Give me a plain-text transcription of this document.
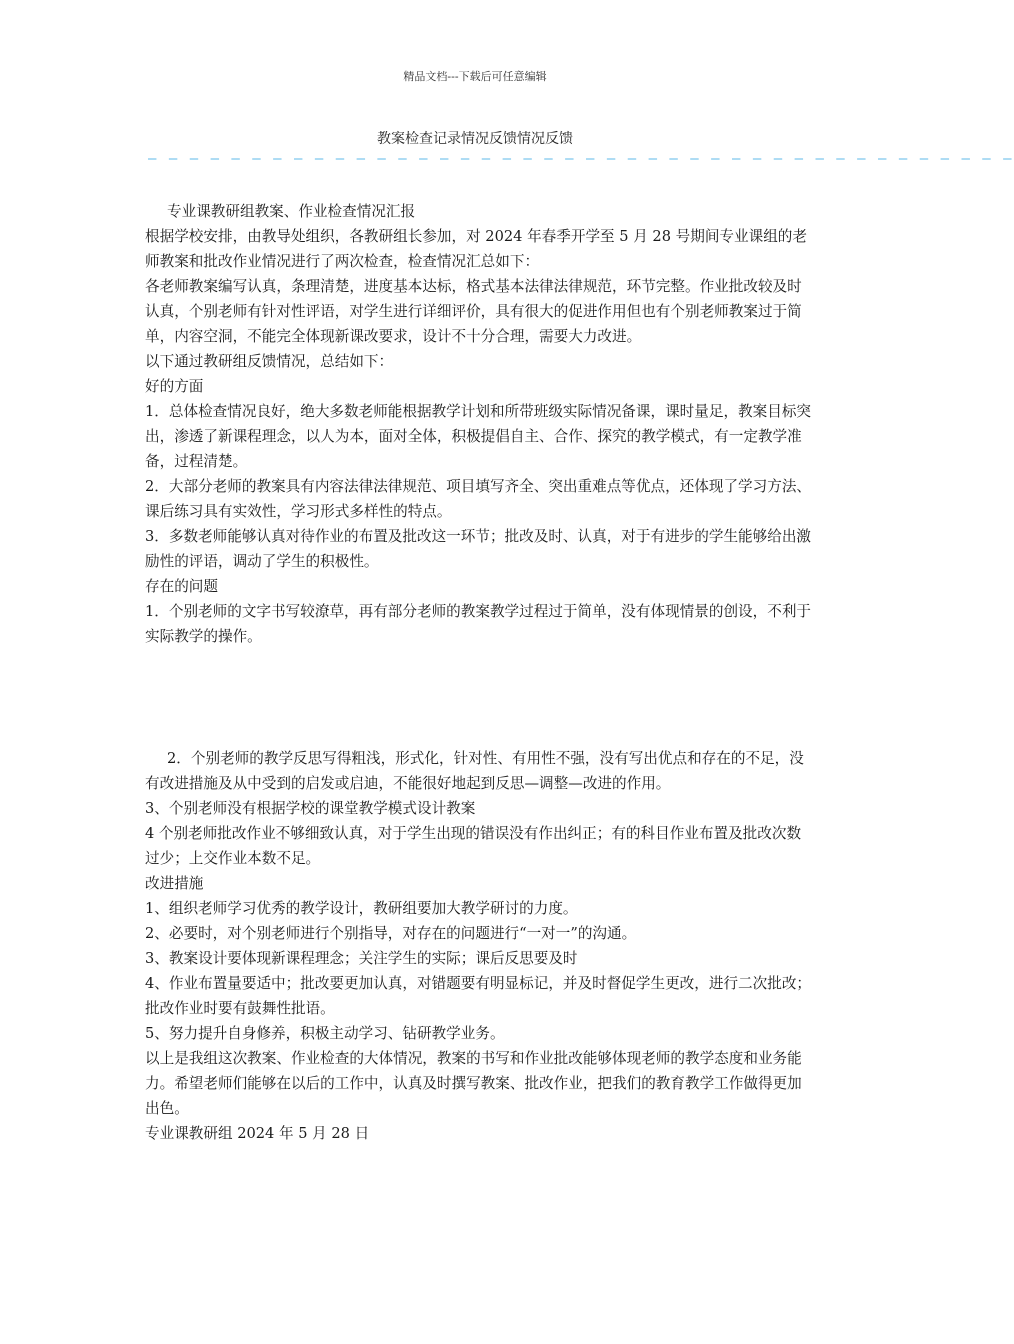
精品文档---下载后可任意编辑
教案检查记录情况反馈情况反馈
— — — — — — — — — — — — — — — — — — — — — — — — — — — — — — — — — — — — — — — — — —

专业课教研组教案、作业检查情况汇报

根据学校安排，由教导处组织，各教研组长参加，对 2024 年春季开学至 5 月 28 号期间专业课组的老师教案和批改作业情况进行了两次检查，检查情况汇总如下：

各老师教案编写认真，条理清楚，进度基本达标，格式基本法律法律规范，环节完整。作业批改较及时认真，个别老师有针对性评语，对学生进行详细评价，具有很大的促进作用但也有个别老师教案过于简单，内容空洞，不能完全体现新课改要求，设计不十分合理，需要大力改进。

以下通过教研组反馈情况，总结如下：

好的方面

1．总体检查情况良好，绝大多数老师能根据教学计划和所带班级实际情况备课，课时量足，教案目标突出，渗透了新课程理念，以人为本，面对全体，积极提倡自主、合作、探究的教学模式，有一定教学准备，过程清楚。

2．大部分老师的教案具有内容法律法律规范、项目填写齐全、突出重难点等优点，还体现了学习方法、课后练习具有实效性，学习形式多样性的特点。

3．多数老师能够认真对待作业的布置及批改这一环节；批改及时、认真，对于有进步的学生能够给出激励性的评语，调动了学生的积极性。

存在的问题

1．个别老师的文字书写较潦草，再有部分老师的教案教学过程过于简单，没有体现情景的创设，不利于实际教学的操作。

2．个别老师的教学反思写得粗浅，形式化，针对性、有用性不强，没有写出优点和存在的不足，没有改进措施及从中受到的启发或启迪，不能很好地起到反思—调整—改进的作用。

3、个别老师没有根据学校的课堂教学模式设计教案

4 个别老师批改作业不够细致认真，对于学生出现的错误没有作出纠正；有的科目作业布置及批改次数过少；上交作业本数不足。

改进措施

1、组织老师学习优秀的教学设计，教研组要加大教学研讨的力度。

2、必要时，对个别老师进行个别指导，对存在的问题进行“一对一”的沟通。

3、教案设计要体现新课程理念；关注学生的实际；课后反思要及时

4、作业布置量要适中；批改要更加认真，对错题要有明显标记，并及时督促学生更改，进行二次批改；批改作业时要有鼓舞性批语。

5、努力提升自身修养，积极主动学习、钻研教学业务。

以上是我组这次教案、作业检查的大体情况，教案的书写和作业批改能够体现老师的教学态度和业务能力。希望老师们能够在以后的工作中，认真及时撰写教案、批改作业，把我们的教育教学工作做得更加出色。

专业课教研组 2024 年 5 月 28 日
